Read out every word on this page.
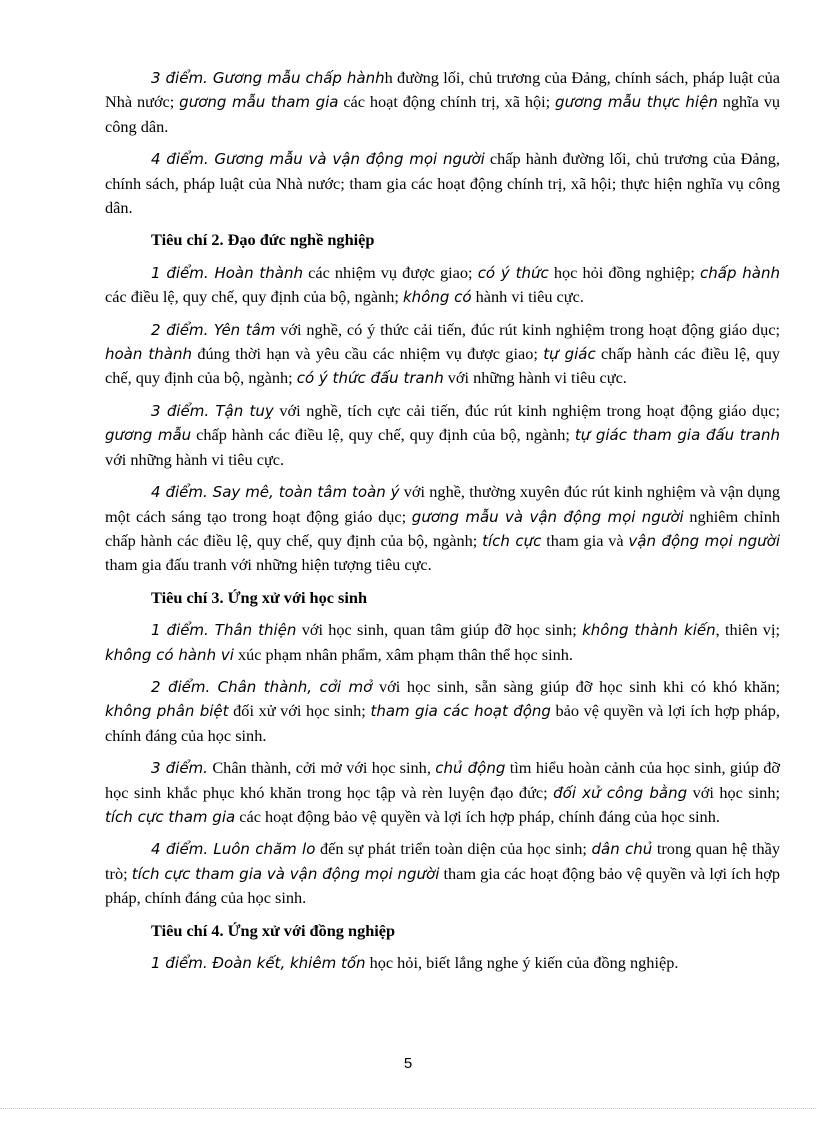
3 điểm. Gương mẫu chấp hànhh đường lối, chủ trương của Đảng, chính sách, pháp luật của Nhà nước; gương mẫu tham gia các hoạt động chính trị, xã hội; gương mẫu thực hiện nghĩa vụ công dân.

4 điểm. Gương mẫu và vận động mọi người chấp hành đường lối, chủ trương của Đảng, chính sách, pháp luật của Nhà nước; tham gia các hoạt động chính trị, xã hội; thực hiện nghĩa vụ công dân.

Tiêu chí 2. Đạo đức nghề nghiệp

1 điểm. Hoàn thành các nhiệm vụ được giao; có ý thức học hỏi đồng nghiệp; chấp hành các điều lệ, quy chế, quy định của bộ, ngành; không có hành vi tiêu cực.

2 điểm. Yên tâm với nghề, có ý thức cải tiến, đúc rút kinh nghiệm trong hoạt động giáo dục; hoàn thành đúng thời hạn và yêu cầu các nhiệm vụ được giao; tự giác chấp hành các điều lệ, quy chế, quy định của bộ, ngành; có ý thức đấu tranh với những hành vi tiêu cực.

3 điểm. Tận tuỵ với nghề, tích cực cải tiến, đúc rút kinh nghiệm trong hoạt động giáo dục; gương mẫu chấp hành các điều lệ, quy chế, quy định của bộ, ngành; tự giác tham gia đấu tranh với những hành vi tiêu cực.

4 điểm. Say mê, toàn tâm toàn ý với nghề, thường xuyên đúc rút kinh nghiệm và vận dụng một cách sáng tạo trong hoạt động giáo dục; gương mẫu và vận động mọi người nghiêm chỉnh chấp hành các điều lệ, quy chế, quy định của bộ, ngành; tích cực tham gia và vận động mọi người tham gia đấu tranh với những hiện tượng tiêu cực.

Tiêu chí 3. Ứng xử với học sinh

1 điểm. Thân thiện với học sinh, quan tâm giúp đỡ học sinh; không thành kiến, thiên vị; không có hành vi xúc phạm nhân phẩm, xâm phạm thân thể học sinh.

2 điểm. Chân thành, cởi mở với học sinh, sẵn sàng giúp đỡ học sinh khi có khó khăn; không phân biệt đối xử với học sinh; tham gia các hoạt động bảo vệ quyền và lợi ích hợp pháp, chính đáng của học sinh.

3 điểm. Chân thành, cởi mở với học sinh, chủ động tìm hiểu hoàn cảnh của học sinh, giúp đỡ học sinh khắc phục khó khăn trong học tập và rèn luyện đạo đức; đối xử công bằng với học sinh; tích cực tham gia các hoạt động bảo vệ quyền và lợi ích hợp pháp, chính đáng của học sinh.

4 điểm. Luôn chăm lo đến sự phát triển toàn diện của học sinh; dân chủ trong quan hệ thầy trò; tích cực tham gia và vận động mọi người tham gia các hoạt động bảo vệ quyền và lợi ích hợp pháp, chính đáng của học sinh.

Tiêu chí 4. Ứng xử với đồng nghiệp

1 điểm. Đoàn kết, khiêm tốn học hỏi, biết lắng nghe ý kiến của đồng nghiệp.

5
